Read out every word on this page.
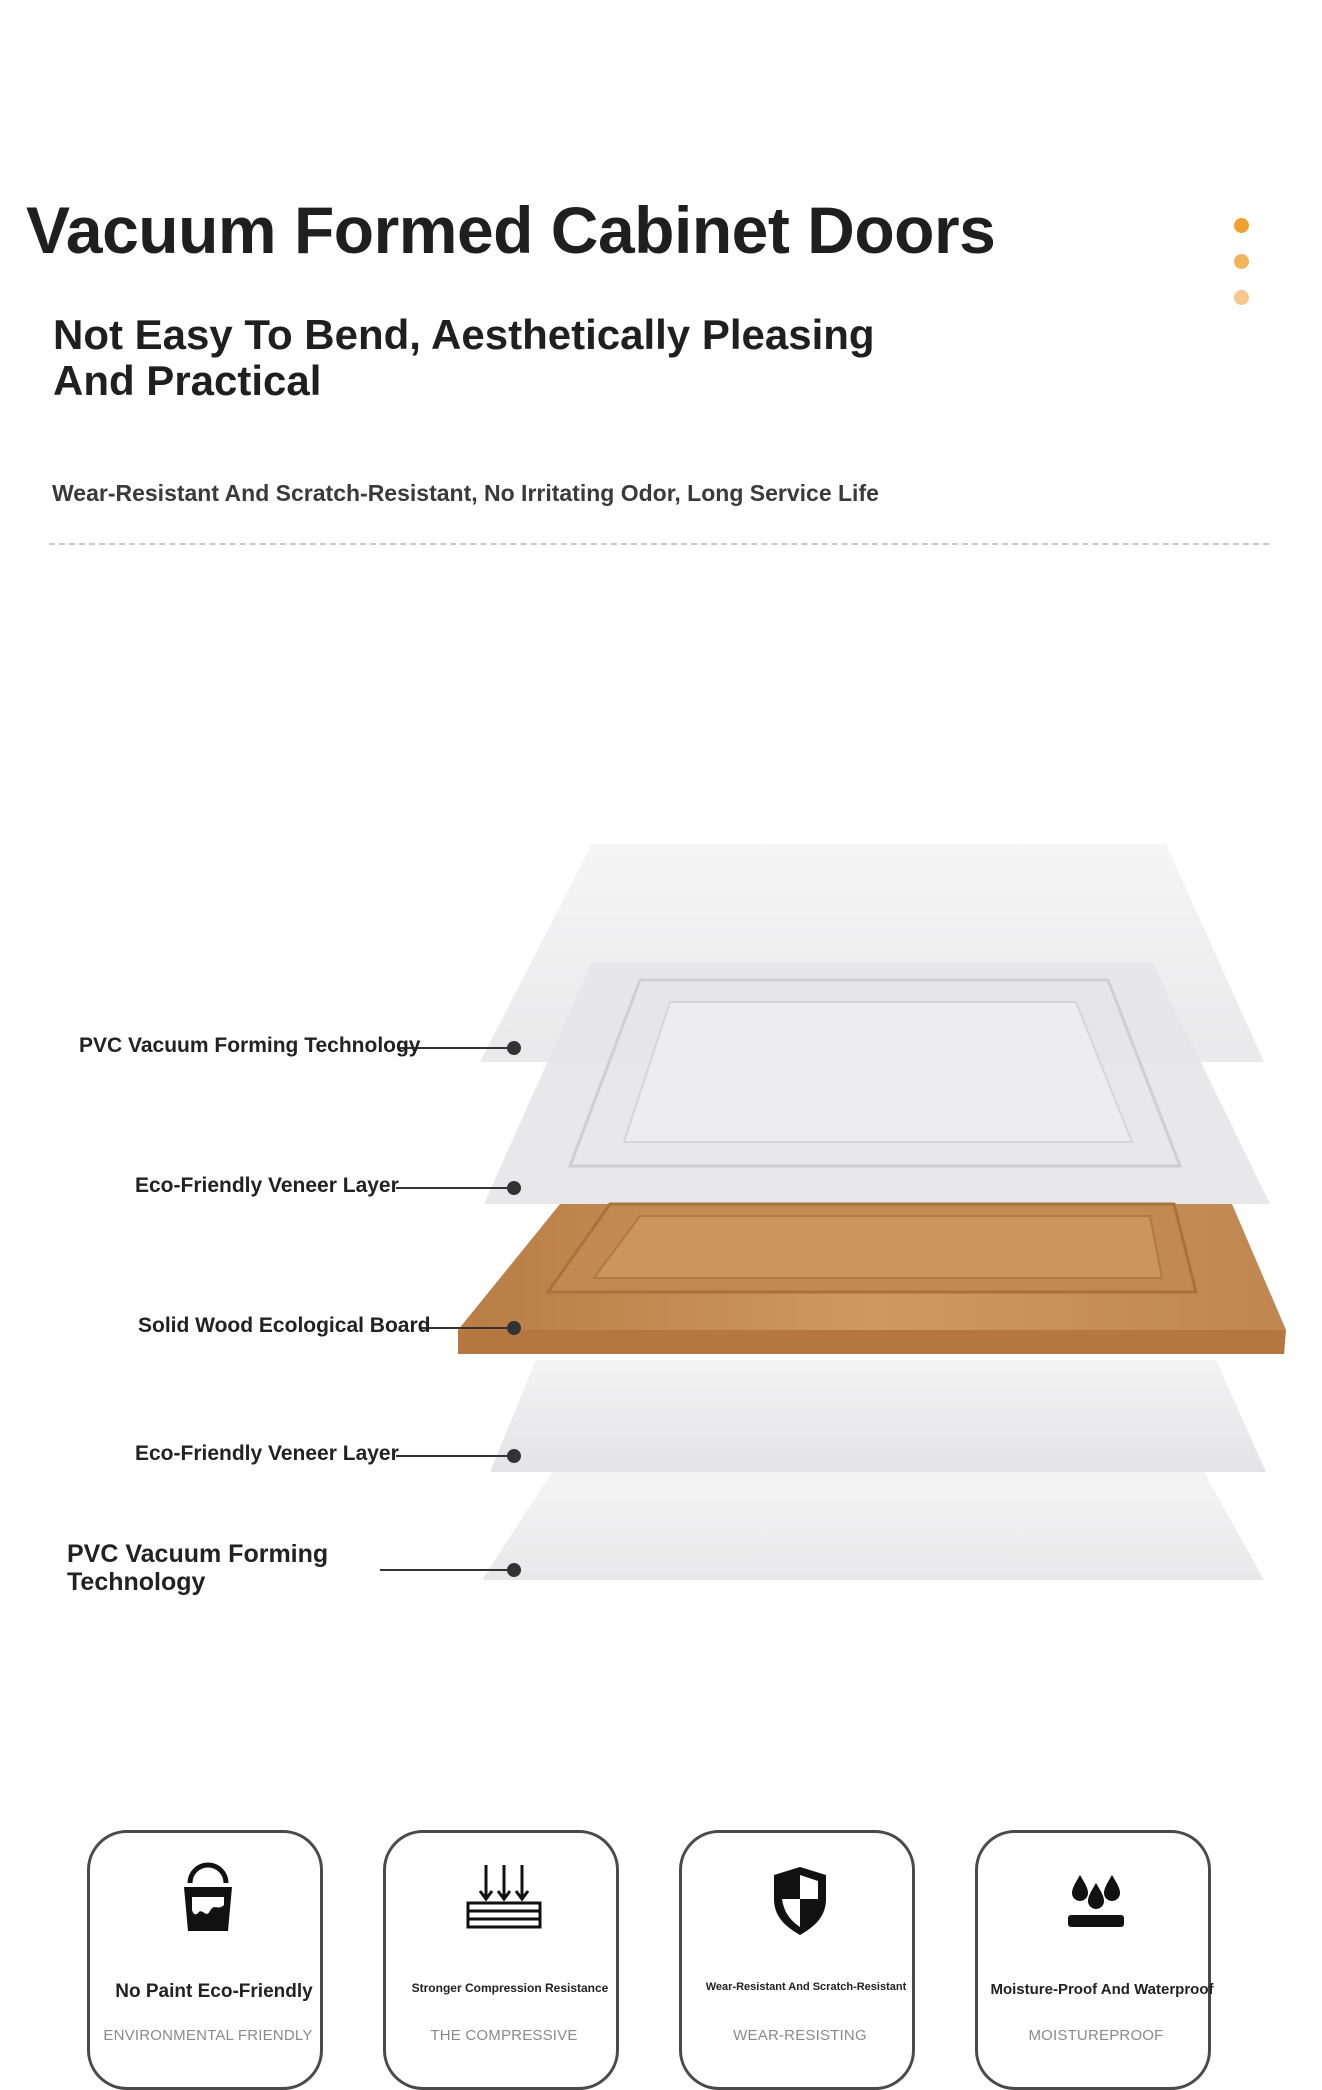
Vacuum Formed Cabinet Doors
Not Easy To Bend, Aesthetically Pleasing And Practical
Wear-Resistant And Scratch-Resistant, No Irritating Odor, Long Service Life
PVC Vacuum Forming Technology
Eco-Friendly Veneer Layer
Solid Wood Ecological Board
Eco-Friendly Veneer Layer
PVC Vacuum Forming Technology
No Paint Eco-Friendly
ENVIRONMENTAL FRIENDLY
Stronger Compression Resistance
THE COMPRESSIVE
Wear-Resistant And Scratch-Resistant
WEAR-RESISTING
Moisture-Proof And Waterproof
MOISTUREPROOF
